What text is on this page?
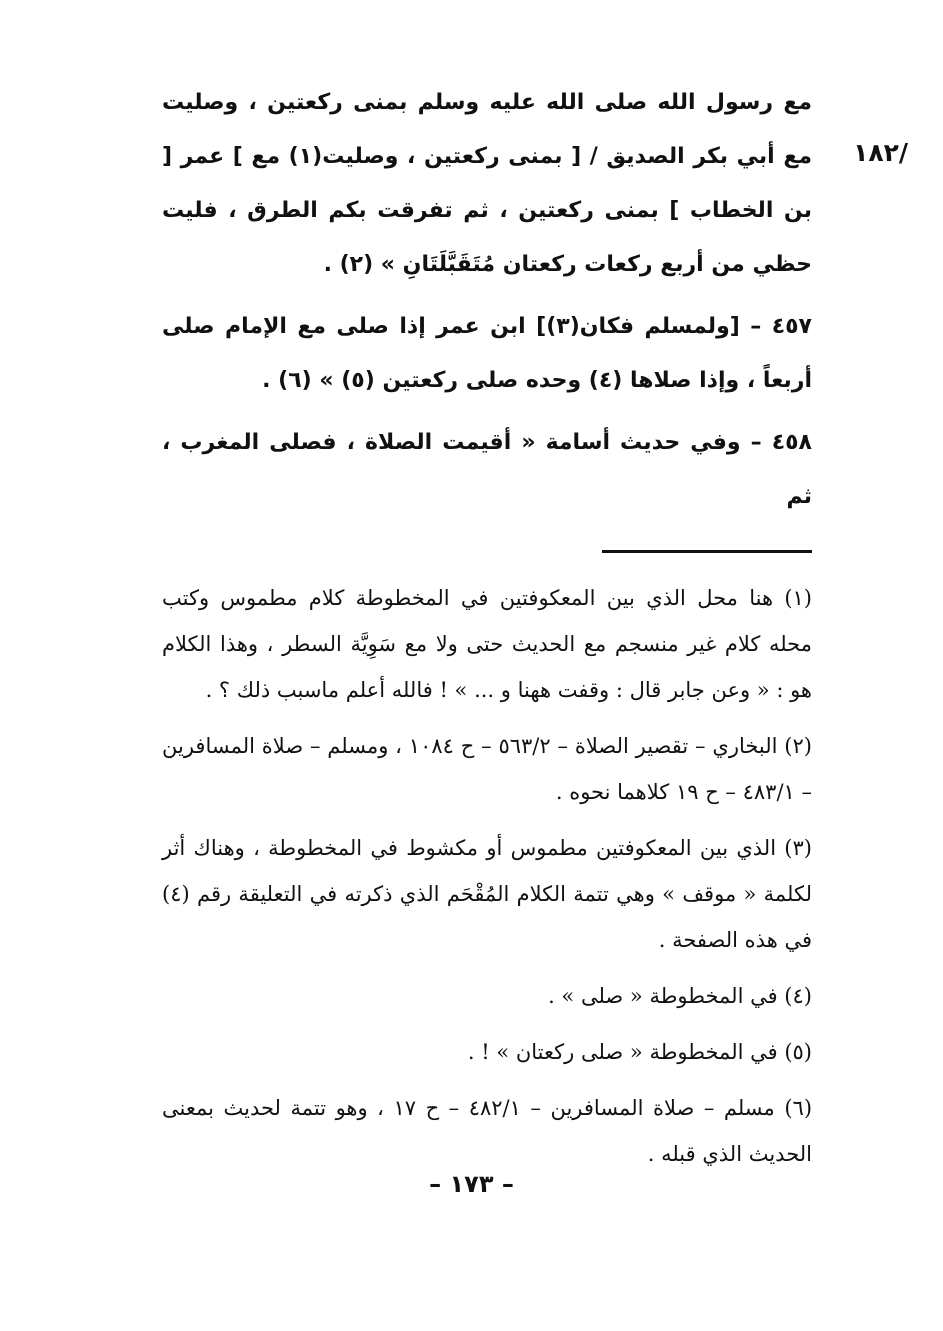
/١٨٢

مع رسول الله صلى الله عليه وسلم بمنى ركعتين ، وصليت مع أبي بكر الصديق / [ بمنى ركعتين ، وصليت(١) مع ] عمر [ بن الخطاب ] بمنى ركعتين ، ثم تفرقت بكم الطرق ، فليت حظي من أربع ركعات ركعتان مُتَقَبَّلَتَانِ » (٢) .

٤٥٧ – [ولمسلم فكان(٣)] ابن عمر إذا صلى مع الإمام صلى أربعاً ، وإذا صلاها (٤) وحده صلى ركعتين (٥) » (٦) .

٤٥٨ – وفي حديث أسامة « أقيمت الصلاة ، فصلى المغرب ، ثم

(١) هنا محل الذي بين المعكوفتين في المخطوطة كلام مطموس وكتب محله كلام غير منسجم مع الحديث حتى ولا مع سَوِيَّة السطر ، وهذا الكلام هو : « وعن جابر قال : وقفت ههنا و ... » ! فالله أعلم ماسبب ذلك ؟ .

(٢) البخاري – تقصير الصلاة – ٥٦٣/٢ – ح ١٠٨٤ ، ومسلم – صلاة المسافرين – ٤٨٣/١ – ح ١٩ كلاهما نحوه .

(٣) الذي بين المعكوفتين مطموس أو مكشوط في المخطوطة ، وهناك أثر لكلمة « موقف » وهي تتمة الكلام المُقْحَم الذي ذكرته في التعليقة رقم (٤) في هذه الصفحة .

(٤) في المخطوطة « صلى » .

(٥) في المخطوطة « صلى ركعتان » ! .

(٦) مسلم – صلاة المسافرين – ٤٨٢/١ – ح ١٧ ، وهو تتمة لحديث بمعنى الحديث الذي قبله .

– ١٧٣ –
